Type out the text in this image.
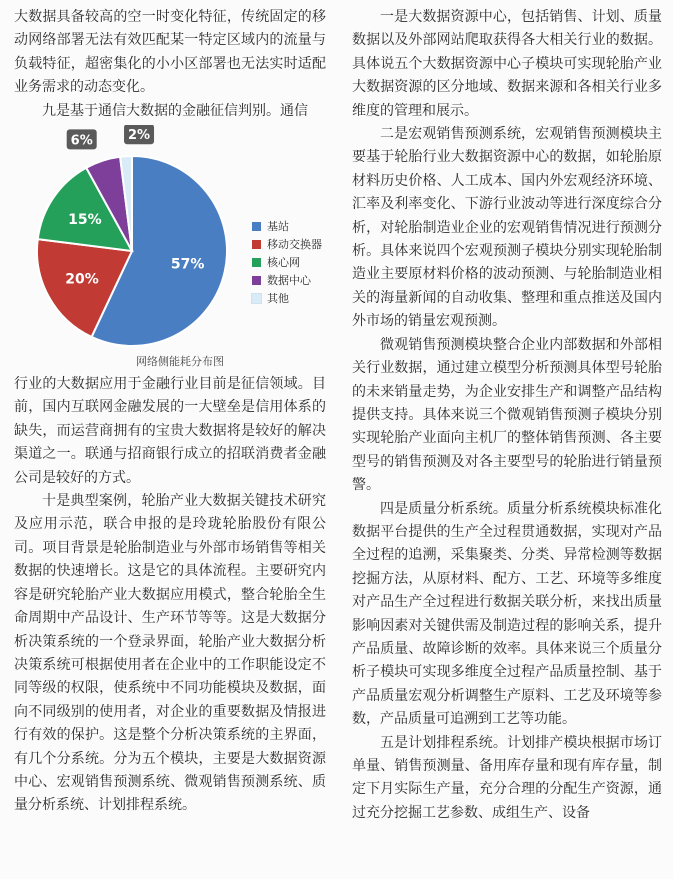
大数据具备较高的空一时变化特征，传统固定的移动网络部署无法有效匹配某一特定区域内的流量与负载特征，超密集化的小小区部署也无法实时适配业务需求的动态变化。

九是基于通信大数据的金融征信判别。通信

57%
20%
15%
6%	2%
基站
移动交换器
核心网
数据中心
其他
网络侧能耗分布图

行业的大数据应用于金融行业目前是征信领域。目前，国内互联网金融发展的一大壁垒是信用体系的缺失，而运营商拥有的宝贵大数据将是较好的解决渠道之一。联通与招商银行成立的招联消费者金融公司是较好的方式。

十是典型案例，轮胎产业大数据关键技术研究及应用示范，联合申报的是玲珑轮胎股份有限公司。项目背景是轮胎制造业与外部市场销售等相关数据的快速增长。这是它的具体流程。主要研究内容是研究轮胎产业大数据应用模式，整合轮胎全生命周期中产品设计、生产环节等等。这是大数据分析决策系统的一个登录界面，轮胎产业大数据分析决策系统可根据使用者在企业中的工作职能设定不同等级的权限，使系统中不同功能模块及数据，面向不同级别的使用者，对企业的重要数据及情报进行有效的保护。这是整个分析决策系统的主界面，有几个分系统。分为五个模块，主要是大数据资源中心、宏观销售预测系统、微观销售预测系统、质量分析系统、计划排程系统。

一是大数据资源中心，包括销售、计划、质量数据以及外部网站爬取获得各大相关行业的数据。具体说五个大数据资源中心子模块可实现轮胎产业大数据资源的区分地域、数据来源和各相关行业多维度的管理和展示。

二是宏观销售预测系统，宏观销售预测模块主要基于轮胎行业大数据资源中心的数据，如轮胎原材料历史价格、人工成本、国内外宏观经济环境、汇率及利率变化、下游行业波动等进行深度综合分析，对轮胎制造业企业的宏观销售情况进行预测分析。具体来说四个宏观预测子模块分别实现轮胎制造业主要原材料价格的波动预测、与轮胎制造业相关的海量新闻的自动收集、整理和重点推送及国内外市场的销量宏观预测。

微观销售预测模块整合企业内部数据和外部相关行业数据，通过建立模型分析预测具体型号轮胎的未来销量走势，为企业安排生产和调整产品结构提供支持。具体来说三个微观销售预测子模块分别实现轮胎产业面向主机厂的整体销售预测、各主要型号的销售预测及对各主要型号的轮胎进行销量预警。

四是质量分析系统。质量分析系统模块标准化数据平台提供的生产全过程贯通数据，实现对产品全过程的追溯，采集聚类、分类、异常检测等数据挖掘方法，从原材料、配方、工艺、环境等多维度对产品生产全过程进行数据关联分析，来找出质量影响因素对关键供需及制造过程的影响关系，提升产品质量、故障诊断的效率。具体来说三个质量分析子模块可实现多维度全过程产品质量控制、基于产品质量宏观分析调整生产原料、工艺及环境等参数，产品质量可追溯到工艺等功能。

五是计划排程系统。计划排产模块根据市场订单量、销售预测量、备用库存量和现有库存量，制定下月实际生产量，充分合理的分配生产资源，通过充分挖掘工艺参数、成组生产、设备
